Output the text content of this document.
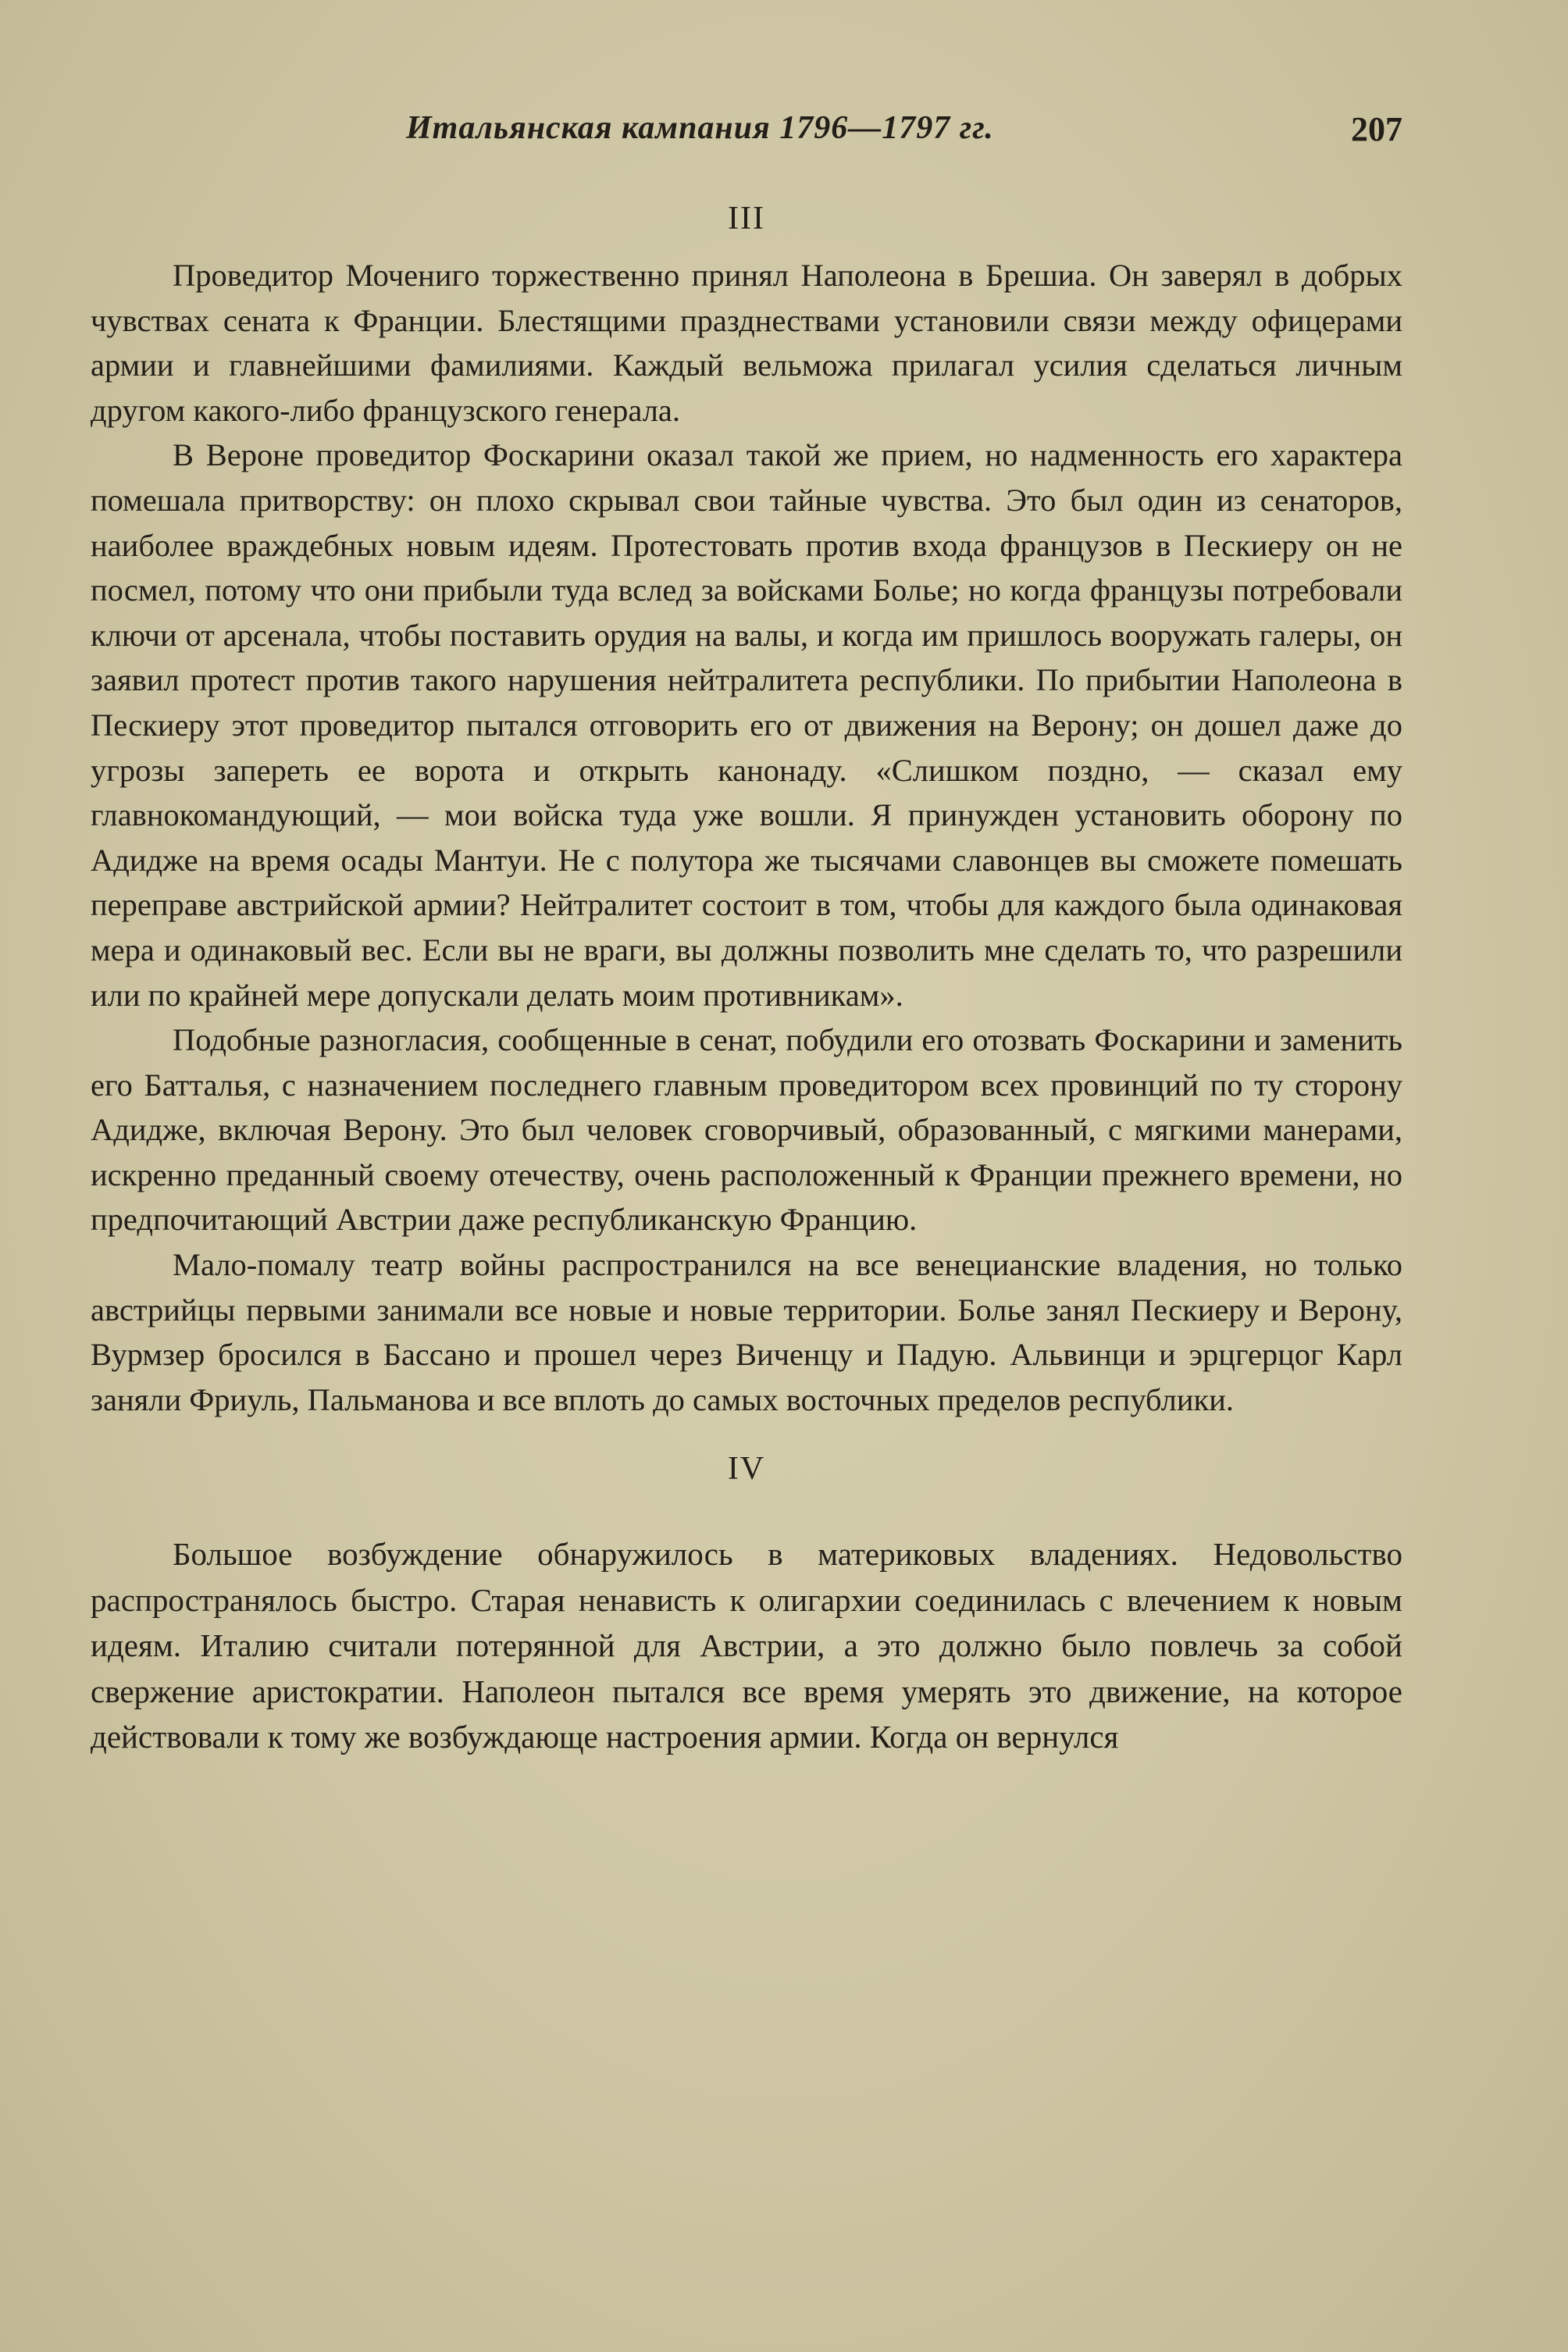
Итальянская кампания 1796—1797 гг.	207
III

Проведитор Мочениго торжественно принял Наполеона в Брешиа. Он заверял в добрых чувствах сената к Франции. Блестящими празднествами установили связи между офицерами армии и главнейшими фамилиями. Каждый вельможа прилагал усилия сделаться личным другом какого-либо французского генерала.

В Вероне проведитор Фоскарини оказал такой же прием, но надменность его характера помешала притворству: он плохо скрывал свои тайные чувства. Это был один из сенаторов, наиболее враждебных новым идеям. Протестовать против входа французов в Пескиеру он не посмел, потому что они прибыли туда вслед за войсками Болье; но когда французы потребовали ключи от арсенала, чтобы поставить орудия на валы, и когда им пришлось вооружать галеры, он заявил протест против такого нарушения нейтралитета республики. По прибытии Наполеона в Пескиеру этот проведитор пытался отговорить его от движения на Верону; он дошел даже до угрозы запереть ее ворота и открыть канонаду. «Слишком поздно, — сказал ему главнокомандующий, — мои войска туда уже вошли. Я принужден установить оборону по Адидже на время осады Мантуи. Не с полутора же тысячами славонцев вы сможете помешать переправе австрийской армии? Нейтралитет состоит в том, чтобы для каждого была одинаковая мера и одинаковый вес. Если вы не враги, вы должны позволить мне сделать то, что разрешили или по крайней мере допускали делать моим противникам».

Подобные разногласия, сообщенные в сенат, побудили его отозвать Фоскарини и заменить его Батталья, с назначением последнего главным проведитором всех провинций по ту сторону Адидже, включая Верону. Это был человек сговорчивый, образованный, с мягкими манерами, искренно преданный своему отечеству, очень расположенный к Франции прежнего времени, но предпочитающий Австрии даже республиканскую Францию.

Мало-помалу театр войны распространился на все венецианские владения, но только австрийцы первыми занимали все новые и новые территории. Болье занял Пескиеру и Верону, Вурмзер бросился в Бассано и прошел через Виченцу и Падую. Альвинци и эрцгерцог Карл заняли Фриуль, Пальманова и все вплоть до самых восточных пределов республики.

IV

Большое возбуждение обнаружилось в материковых владениях. Недовольство распространялось быстро. Старая ненависть к олигархии соединилась с влечением к новым идеям. Италию считали потерянной для Австрии, а это должно было повлечь за собой свержение аристократии. Наполеон пытался все время умерять это движение, на которое действовали к тому же возбуждающе настроения армии. Когда он вернулся
